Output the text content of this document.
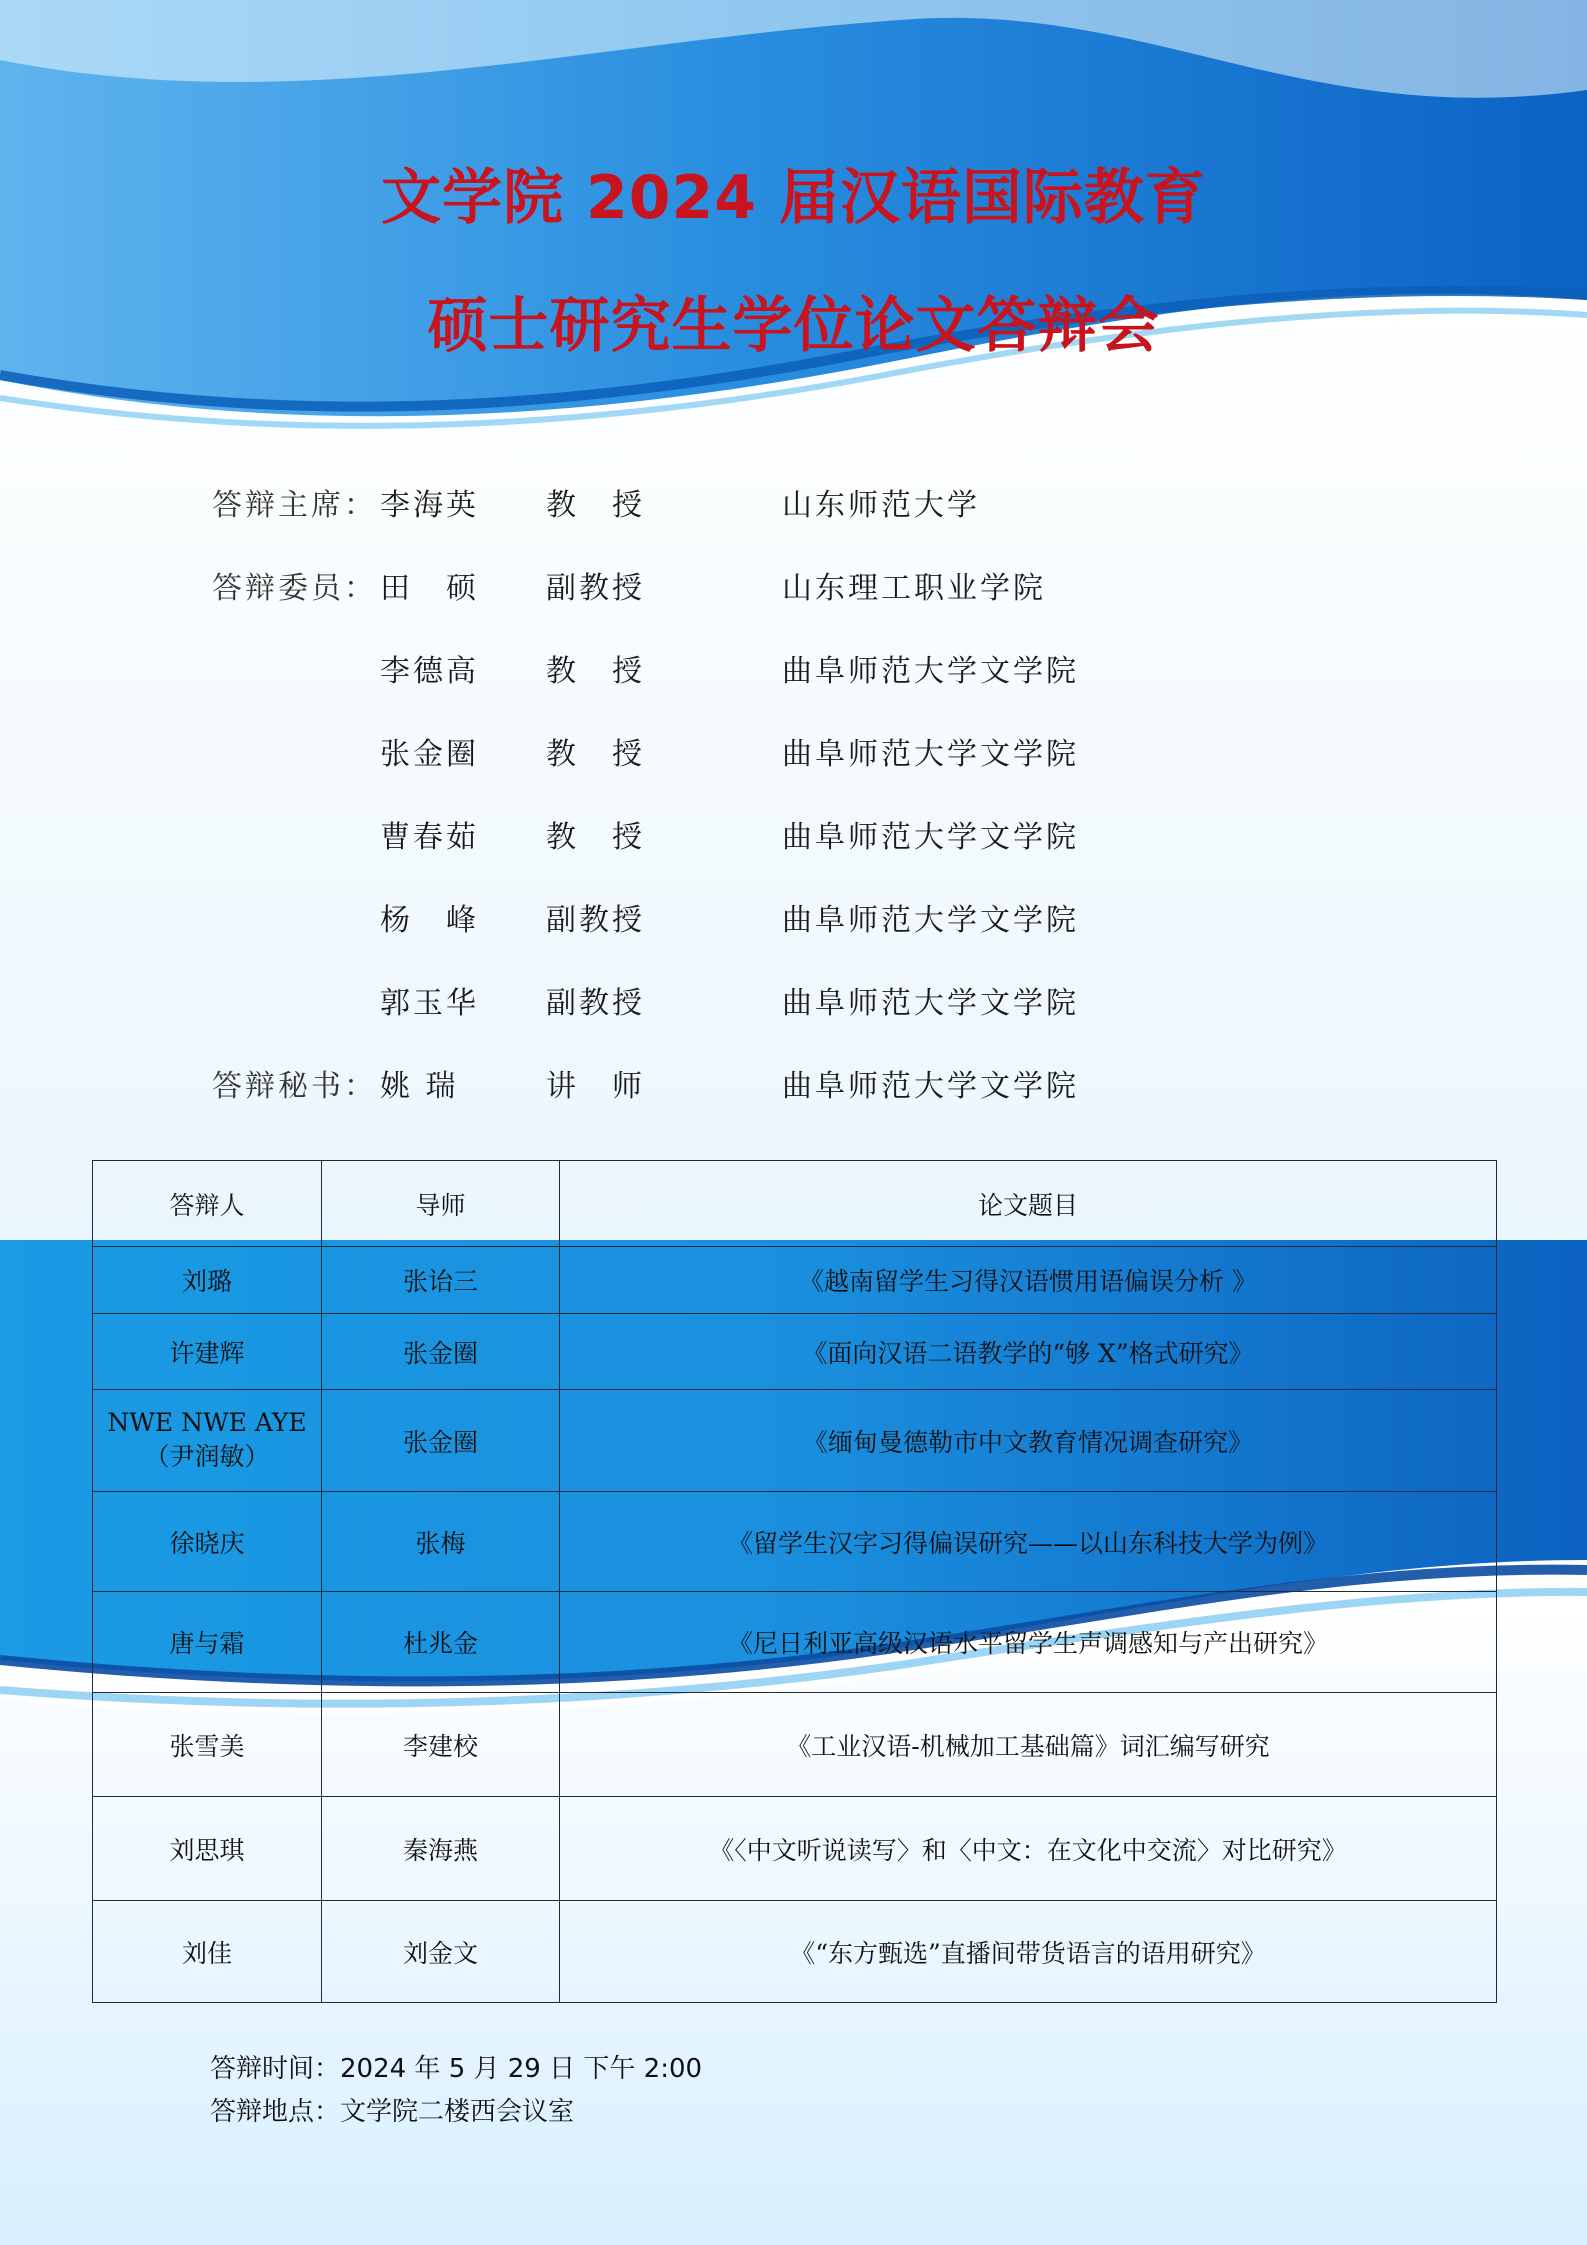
文学院 2024 届汉语国际教育
硕士研究生学位论文答辩会
答辩主席： 李海英 教　授	山东师范大学
答辩委员： 田　硕 副教授	山东理工职业学院
李德高 教　授	曲阜师范大学文学院
张金圈 教　授	曲阜师范大学文学院
曹春茹 教　授	曲阜师范大学文学院
杨　峰 副教授	曲阜师范大学文学院
郭玉华 副教授	曲阜师范大学文学院
答辩秘书： 姚 瑞	讲　师	曲阜师范大学文学院
答辩人	导师	论文题目
刘璐	张诒三	《越南留学生习得汉语惯用语偏误分析 》
许建辉	张金圈	《面向汉语二语教学的“够 X”格式研究》
NWE NWE AYE（尹润敏）	张金圈	《缅甸曼德勒市中文教育情况调查研究》
徐晓庆	张梅	《留学生汉字习得偏误研究——以山东科技大学为例》
唐与霜	杜兆金	《尼日利亚高级汉语水平留学生声调感知与产出研究》
张雪美	李建校	《工业汉语-机械加工基础篇》词汇编写研究
刘思琪	秦海燕	《〈中文听说读写〉和〈中文：在文化中交流〉对比研究》
刘佳	刘金文	《“东方甄选”直播间带货语言的语用研究》
答辩时间：2024 年 5 月 29 日 下午 2:00
答辩地点：文学院二楼西会议室
